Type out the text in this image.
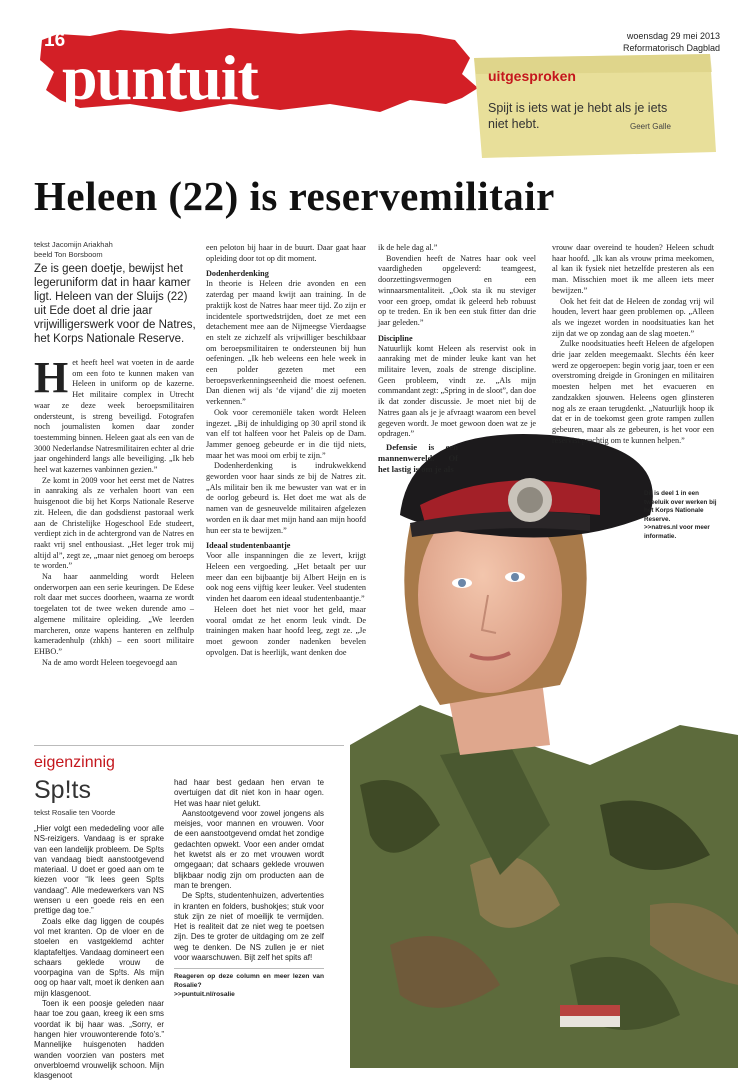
16
puntuit
woensdag 29 mei 2013
Reformatorisch Dagblad
uitgesproken
Spijt is iets wat je hebt als je iets niet hebt.	Geert Galle
Heleen (22) is reservemilitair
tekst Jacomijn Ariakhah
beeld Ton Borsboom
Ze is geen doetje, bewijst het legeruniform dat in haar kamer ligt. Heleen van der Sluijs (22) uit Ede doet al drie jaar vrijwilligerswerk voor de Natres, het Korps Nationale Reserve.

Het heeft heel wat voeten in de aarde om een foto te kunnen maken van Heleen in uniform op de kazerne. Het militaire complex in Utrecht waar ze deze week beroepsmilitairen ondersteunt, is streng beveiligd. Fotografen noch journalisten komen daar zonder toestemming binnen. Heleen gaat als een van de 3000 Nederlandse Natresmilitairen echter al drie jaar ongehinderd langs alle beveiliging. „Ik heb heel wat kazernes vanbinnen gezien.”

Ze komt in 2009 voor het eerst met de Natres in aanraking als ze verhalen hoort van een huisgenoot die bij het Korps Nationale Reserve zit. Heleen, die dan godsdienst pastoraal werk aan de Christelijke Hogeschool Ede studeert, verdiept zich in de achtergrond van de Natres en raakt vrij snel enthousiast. „Het leger trok mij altijd al”, zegt ze, „maar niet genoeg om beroeps te worden.”

Na haar aanmelding wordt Heleen onderworpen aan een serie keuringen. De Edese rolt daar met succes doorheen, waarna ze wordt toegelaten tot de twee weken durende amo – algemene militaire opleiding. „We leerden marcheren, onze wapens hanteren en zelfhulp kameradenhulp (zhkh) – een soort militaire EHBO.”

Na de amo wordt Heleen toegevoegd aan

een peloton bij haar in de buurt. Daar gaat haar opleiding door tot op dit moment.

Dodenherdenking

In theorie is Heleen drie avonden en een zaterdag per maand kwijt aan training. In de praktijk kost de Natres haar meer tijd. Zo zijn er incidentele sportwedstrijden, doet ze met een detachement mee aan de Nijmeegse Vierdaagse en stelt ze zichzelf als vrijwilliger beschikbaar om beroepsmilitairen te ondersteunen bij hun oefeningen. „Ik heb weleens een hele week in een polder gezeten met een beroepsverkenningseenheid die moest oefenen. Dan dienen wij als ‘de vijand’ die zij moeten verkennen.”

Ook voor ceremoniële taken wordt Heleen ingezet. „Bij de inhuldiging op 30 april stond ik van elf tot halfeen voor het Paleis op de Dam. Jammer genoeg gebeurde er in die tijd niets, maar het was mooi om erbij te zijn.”

Dodenherdenking is indrukwekkend geworden voor haar sinds ze bij de Natres zit. „Als militair ben ik me bewuster van wat er in de oorlog gebeurd is. Het doet me wat als de namen van de gesneuvelde militairen afgelezen worden en ik daar met mijn hand aan mijn hoofd hun eer sta te bewijzen.”

Ideaal studentenbaantje

Voor alle inspanningen die ze levert, krijgt Heleen een vergoeding. „Het betaalt per uur meer dan een bijbaantje bij Albert Heijn en is ook nog eens vijftig keer leuker. Veel studenten vinden het daarom een ideaal studentenbaantje.”

Heleen doet het niet voor het geld, maar vooral omdat ze het enorm leuk vindt. De trainingen maken haar hoofd leeg, zegt ze. „Je moet gewoon zonder nadenken bevelen opvolgen. Dat is heerlijk, want denken doe

ik de hele dag al.”

Bovendien heeft de Natres haar ook veel vaardigheden opgeleverd: teamgeest, doorzettingsvermogen en een winnaarsmentaliteit. „Ook sta ik nu steviger voor een groep, omdat ik geleerd heb robuust op te treden. En ik ben een stuk fitter dan drie jaar geleden.”

Discipline

Natuurlijk komt Heleen als reservist ook in aanraking met de minder leuke kant van het militaire leven, zoals de strenge discipline. Geen probleem, vindt ze. „Als mijn commandant zegt: „Spring in de sloot”, dan doe ik dat zonder discussie. Je moet niet bij de Natres gaan als je je afvraagt waarom een bevel gegeven wordt. Je moet gewoon doen wat ze je opdragen.”

Defensie is een mannenwereld. Of het lastig is om je als

vrouw daar overeind te houden? Heleen schudt haar hoofd. „Ik kan als vrouw prima meekomen, al kan ik fysiek niet hetzelfde presteren als een man. Misschien moet ik me alleen iets meer bewijzen.”

Ook het feit dat de Heleen de zondag vrij wil houden, levert haar geen problemen op. „Alleen als we ingezet worden in noodsituaties kan het zijn dat we op zondag aan de slag moeten.”

Zulke noodsituaties heeft Heleen de afgelopen drie jaar zelden meegemaakt. Slechts één keer werd ze opgeroepen: begin vorig jaar, toen er een overstroming dreigde in Groningen en militairen moesten helpen met het evacueren en zandzakken sjouwen. Heleens ogen glinsteren nog als ze eraan terugdenkt. „Natuurlijk hoop ik dat er in de toekomst geen grote rampen zullen gebeuren, maar als ze gebeuren, is het voor een reservist prachtig om te kunnen helpen.”

Dit is deel 1 in een tweeluik over werken bij het Korps Nationale Reserve.
>>natres.nl voor meer informatie.
eigenzinnig
Sp!ts
tekst Rosalie ten Voorde

„Hier volgt een mededeling voor alle NS-reizigers. Vandaag is er sprake van een landelijk probleem. De Sp!ts van vandaag biedt aanstootgevend materiaal. U doet er goed aan om te kiezen voor “Ik lees geen Sp!ts vandaag”. Alle medewerkers van NS wensen u een goede reis en een prettige dag toe.”

Zoals elke dag liggen de coupés vol met kranten. Op de vloer en de stoelen en vastgeklemd achter klaptafeltjes. Vandaag domineert een schaars geklede vrouw de voorpagina van de Sp!ts. Als mijn oog op haar valt, moet ik denken aan mijn klasgenoot.

Toen ik een poosje geleden naar haar toe zou gaan, kreeg ik een sms voordat ik bij haar was. „Sorry, er hangen hier vrouwonterende foto’s.” Mannelijke huisgenoten hadden wanden voorzien van posters met onverbloemd vrouwelijk schoon. Mijn klasgenoot

had haar best gedaan hen ervan te overtuigen dat dit niet kon in haar ogen. Het was haar niet gelukt.

Aanstootgevend voor zowel jongens als meisjes, voor mannen en vrouwen. Voor de een aanstootgevend omdat het zondige gedachten opwekt. Voor een ander omdat het kwetst als er zo met vrouwen wordt omgegaan; dat schaars geklede vrouwen blijkbaar nodig zijn om producten aan de man te brengen.

De Sp!ts, studentenhuizen, advertenties in kranten en folders, bushokjes; stuk voor stuk zijn ze niet of moeilijk te vermijden. Het is realiteit dat ze niet weg te poetsen zijn. Des te groter de uitdaging om ze zelf weg te denken. De NS zullen je er niet voor waarschuwen. Bijt zelf het spits af!

Reageren op deze column en meer lezen van Rosalie?
>>puntuit.nl/rosalie
